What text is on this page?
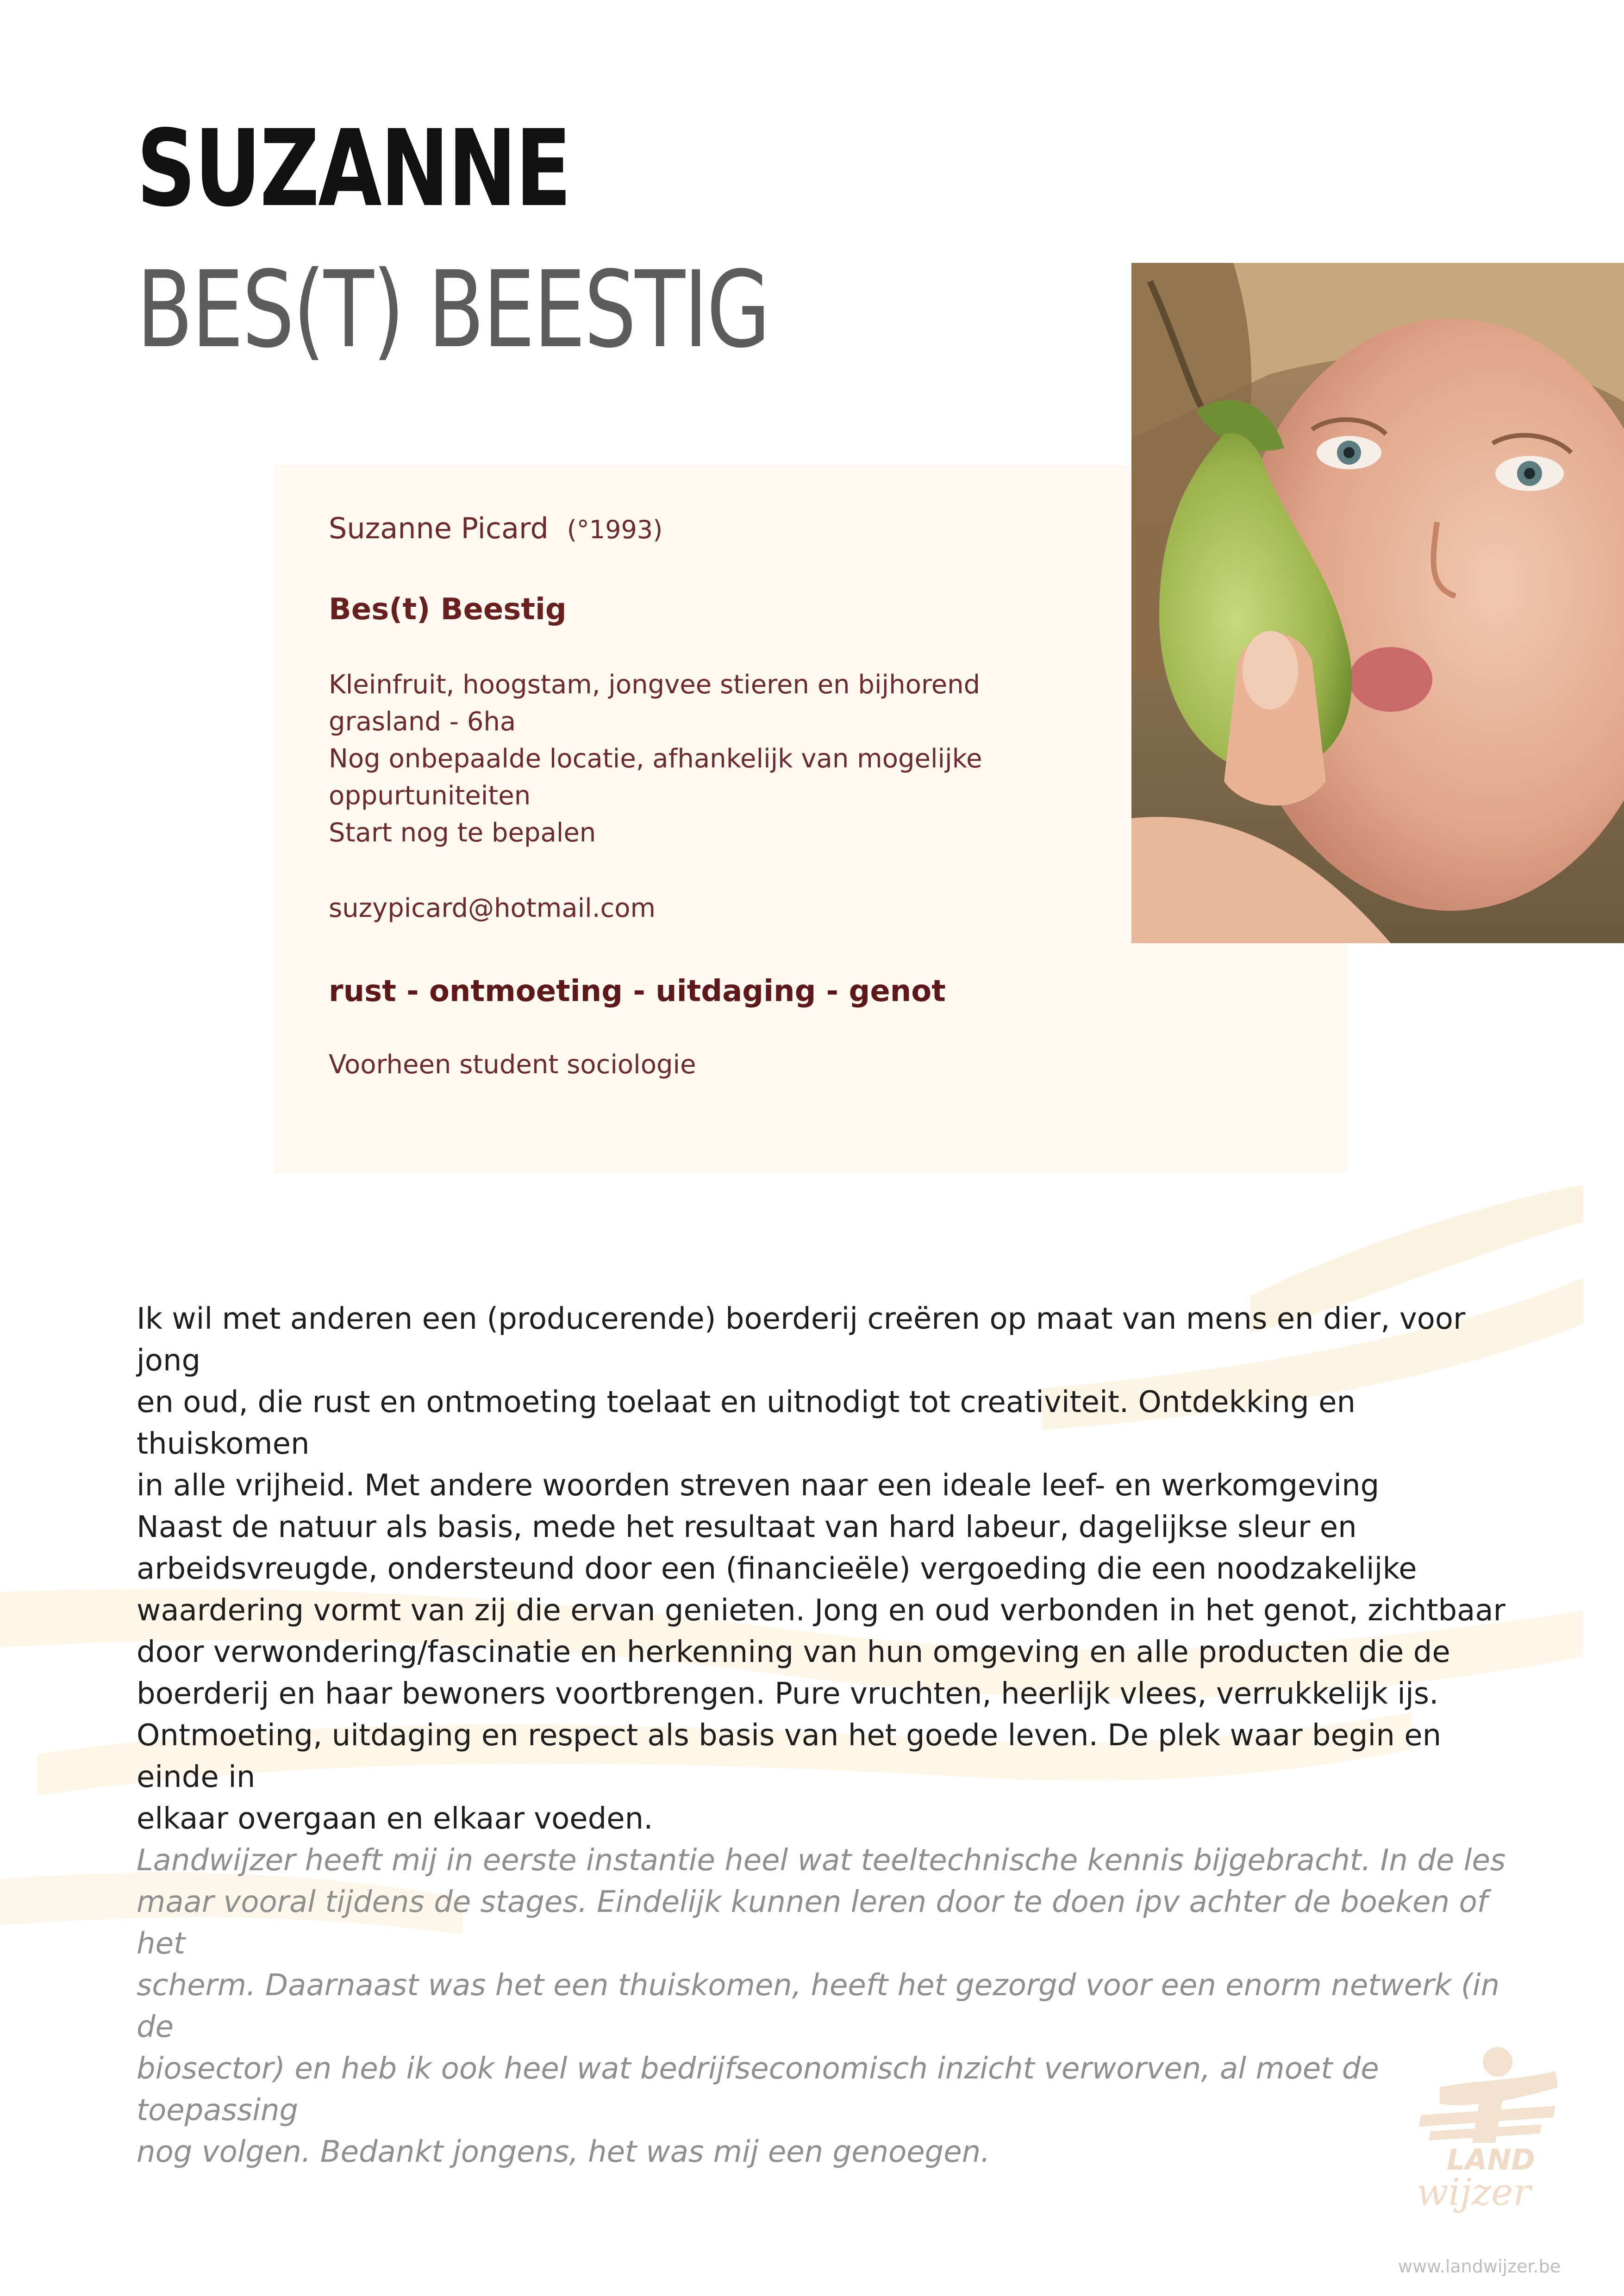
SUZANNE
BES(T) BEESTIG
Suzanne Picard (°1993)
Bes(t) Beestig
Kleinfruit, hoogstam, jongvee stieren en bijhorend
grasland - 6ha
Nog onbepaalde locatie, afhankelijk van mogelijke
oppurtuniteiten
Start nog te bepalen
suzypicard@hotmail.com
rust - ontmoeting - uitdaging - genot
Voorheen student sociologie

Ik wil met anderen een (producerende) boerderij creëren op maat van mens en dier, voor jong

en oud, die rust en ontmoeting toelaat en uitnodigt tot creativiteit. Ontdekking en thuiskomen

in alle vrijheid. Met andere woorden streven naar een ideale leef- en werkomgeving

Naast de natuur als basis, mede het resultaat van hard labeur, dagelijkse sleur en

arbeidsvreugde, ondersteund door een (financieële) vergoeding die een noodzakelijke

waardering vormt van zij die ervan genieten. Jong en oud verbonden in het genot, zichtbaar

door verwondering/fascinatie en herkenning van hun omgeving en alle producten die de

boerderij en haar bewoners voortbrengen. Pure vruchten, heerlijk vlees, verrukkelijk ijs.

Ontmoeting, uitdaging en respect als basis van het goede leven. De plek waar begin en einde in

elkaar overgaan en elkaar voeden.

Landwijzer heeft mij in eerste instantie heel wat teeltechnische kennis bijgebracht. In de les
maar vooral tijdens de stages. Eindelijk kunnen leren door te doen ipv achter de boeken of het
scherm. Daarnaast was het een thuiskomen, heeft het gezorgd voor een enorm netwerk (in de
biosector) en heb ik ook heel wat bedrijfseconomisch inzicht verworven, al moet de toepassing
nog volgen. Bedankt jongens, het was mij een genoegen.	LAND
wijzer
www.landwijzer.be
